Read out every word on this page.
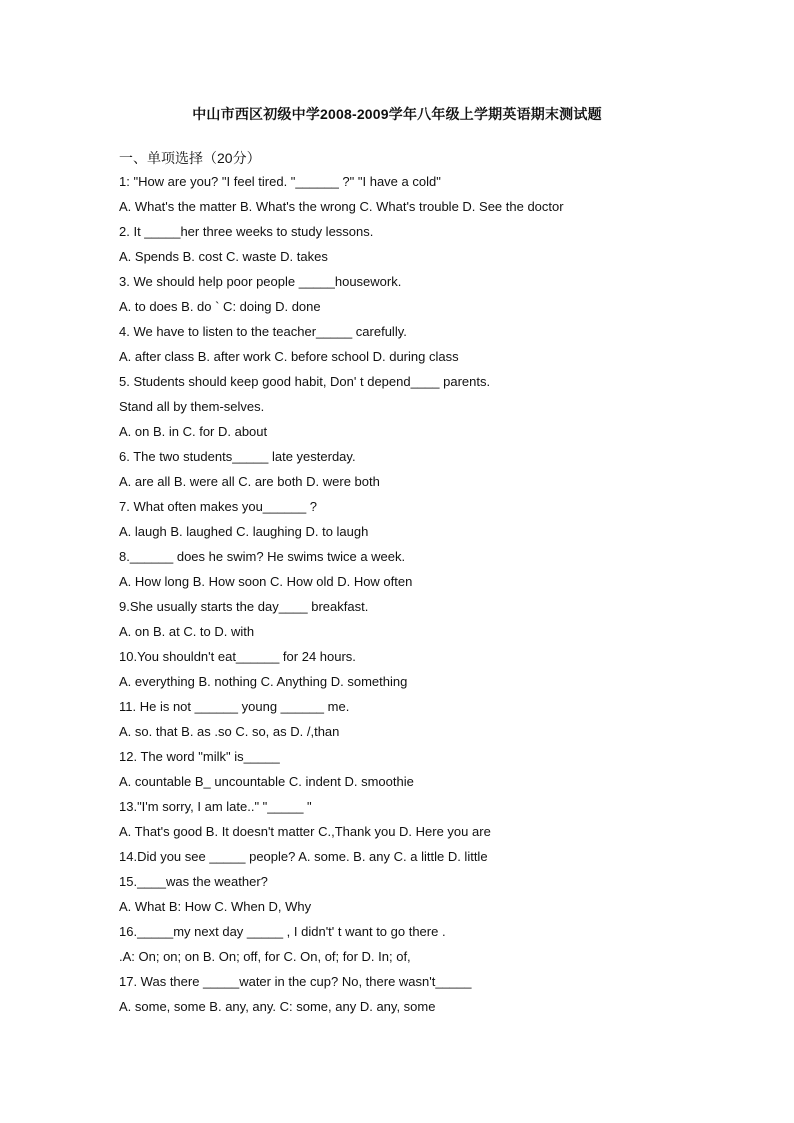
中山市西区初级中学2008-2009学年八年级上学期英语期末测试题
一、单项选择（20分）
1: "How are you? "I feel tired. "______ ?" "I have a cold"
A. What's the matter B. What's the wrong C. What's trouble D. See the doctor
2. It _____her three weeks to study lessons.
A. Spends B. cost C. waste D. takes
3. We should help poor people _____housework.
A. to does B. do ` C: doing D. done
4. We have to listen to the teacher_____ carefully.
A. after class B. after work C. before school D. during class
5. Students should keep good habit, Don' t depend____ parents.
Stand all by them-selves.
A. on B. in C. for D. about
6. The two students_____ late yesterday.
A. are all B. were all C. are both D. were both
7. What often makes you______ ?
A. laugh B. laughed C. laughing D. to laugh
8.______ does he swim? He swims twice a week.
A. How long B. How soon C. How old D. How often
9.She usually starts the day____ breakfast.
A. on B. at C. to D. with
10.You shouldn't eat______ for 24 hours.
A. everything B. nothing C. Anything D. something
11. He is not ______ young ______ me.
A. so. that B. as .so C. so, as D. /,than
12. The word "milk" is_____
A. countable B_ uncountable C. indent D. smoothie
13."I'm sorry, I am late.." "_____ "
A. That's good B. It doesn't matter C.,Thank you D. Here you are
14.Did you see _____ people? A. some. B. any C. a little D. little
15.____was the weather?
A. What B: How C. When D, Why
16._____my next day _____ , I didn't' t want to go there .
.A: On; on; on B. On; off, for C. On, of; for D. In; of,
17. Was there _____water in the cup? No, there wasn't_____
A. some, some B. any, any. C: some, any D. any, some
